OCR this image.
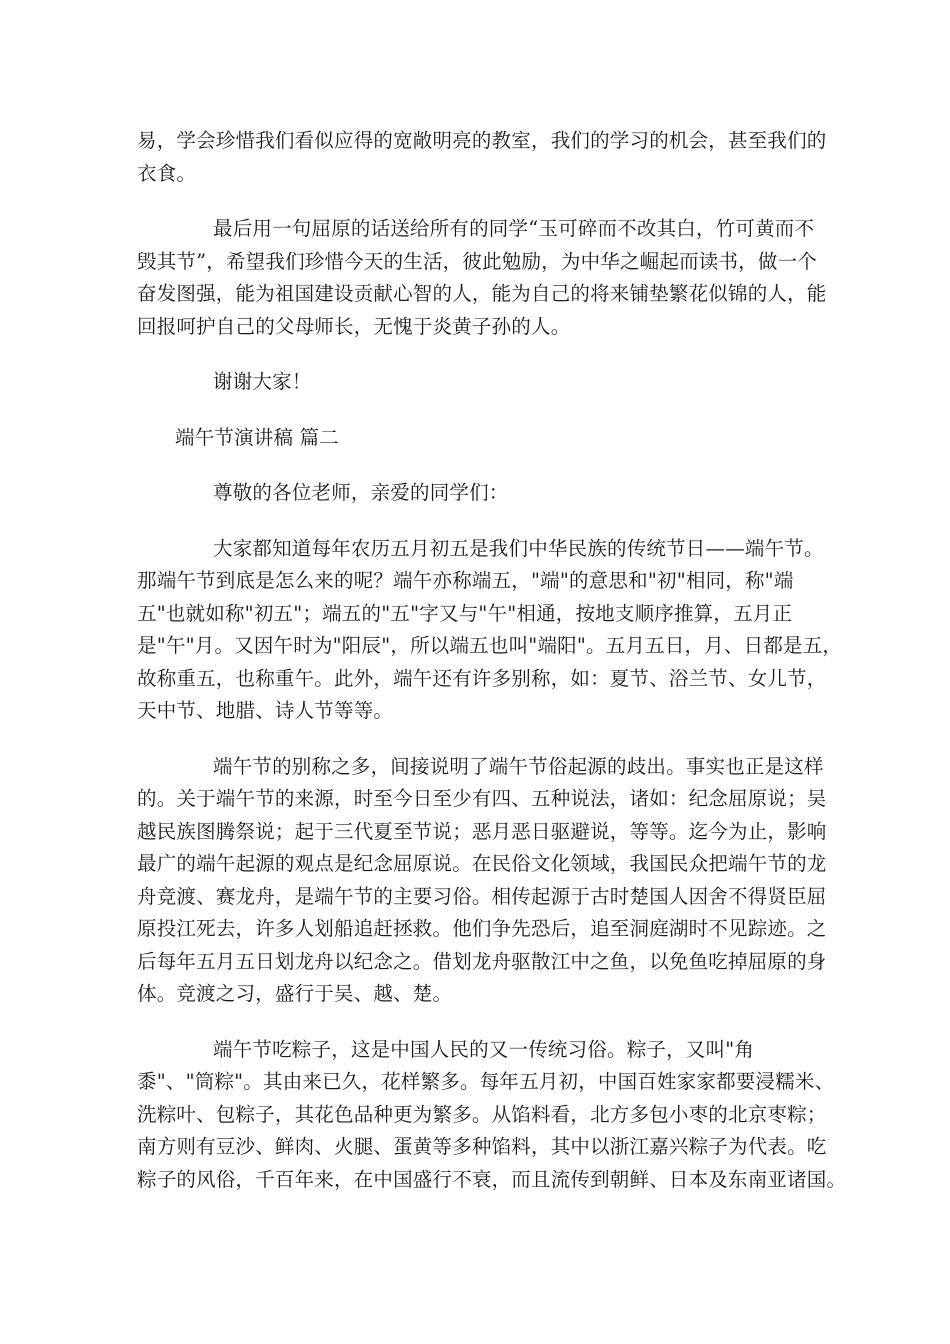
易，学会珍惜我们看似应得的宽敞明亮的教室，我们的学习的机会，甚至我们的
衣食。
最后用一句屈原的话送给所有的同学“玉可碎而不改其白，竹可黄而不
毁其节”，希望我们珍惜今天的生活，彼此勉励，为中华之崛起而读书，做一个
奋发图强，能为祖国建设贡献心智的人，能为自己的将来铺垫繁花似锦的人，能
回报呵护自己的父母师长，无愧于炎黄子孙的人。
谢谢大家！
端午节演讲稿 篇二
尊敬的各位老师，亲爱的同学们：
大家都知道每年农历五月初五是我们中华民族的传统节日——端午节。
那端午节到底是怎么来的呢？端午亦称端五，"端"的意思和"初"相同，称"端
五"也就如称"初五"；端五的"五"字又与"午"相通，按地支顺序推算，五月正
是"午"月。又因午时为"阳辰"，所以端五也叫"端阳"。五月五日，月、日都是五，
故称重五，也称重午。此外，端午还有许多别称，如：夏节、浴兰节、女儿节，
天中节、地腊、诗人节等等。
端午节的别称之多，间接说明了端午节俗起源的歧出。事实也正是这样
的。关于端午节的来源，时至今日至少有四、五种说法，诸如：纪念屈原说；吴
越民族图腾祭说；起于三代夏至节说；恶月恶日驱避说，等等。迄今为止，影响
最广的端午起源的观点是纪念屈原说。在民俗文化领域，我国民众把端午节的龙
舟竞渡、赛龙舟，是端午节的主要习俗。相传起源于古时楚国人因舍不得贤臣屈
原投江死去，许多人划船追赶拯救。他们争先恐后，追至洞庭湖时不见踪迹。之
后每年五月五日划龙舟以纪念之。借划龙舟驱散江中之鱼，以免鱼吃掉屈原的身
体。竞渡之习，盛行于吴、越、楚。
端午节吃粽子，这是中国人民的又一传统习俗。粽子，又叫"角
黍"、"筒粽"。其由来已久，花样繁多。每年五月初，中国百姓家家都要浸糯米、
洗粽叶、包粽子，其花色品种更为繁多。从馅料看，北方多包小枣的北京枣粽；
南方则有豆沙、鲜肉、火腿、蛋黄等多种馅料，其中以浙江嘉兴粽子为代表。吃
粽子的风俗，千百年来，在中国盛行不衰，而且流传到朝鲜、日本及东南亚诸国。
